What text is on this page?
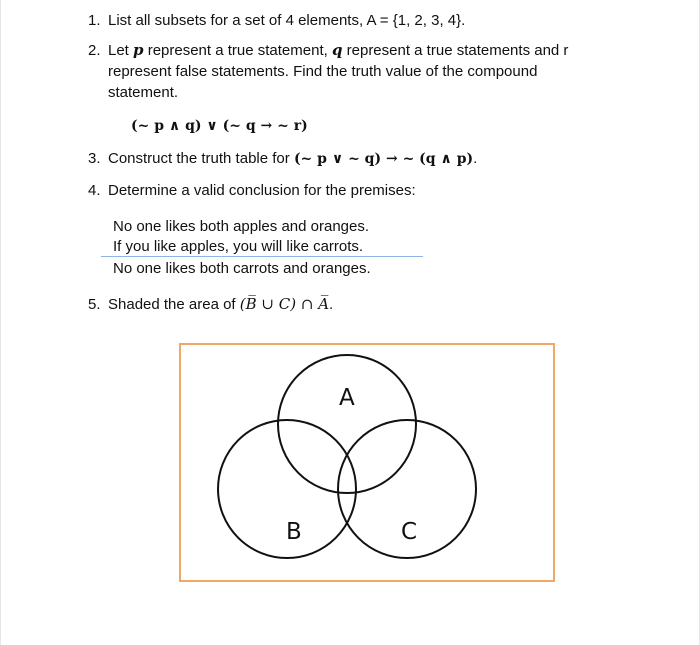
1. List all subsets for a set of 4 elements, A = {1, 2, 3, 4}.
2. Let p represent a true statement, q represent a true statements and r represent false statements. Find the truth value of the compound statement.
(~ p ∧ q) ∨ (~ q → ~ r)
3. Construct the truth table for (~ p ∨ ~ q) → ~ (q ∧ p).
4. Determine a valid conclusion for the premises:
No one likes both apples and oranges.
If you like apples, you will like carrots.
No one likes both carrots and oranges.
5. Shaded the area of (B̅ ∪ C) ∩ A̅.
A
B	C
